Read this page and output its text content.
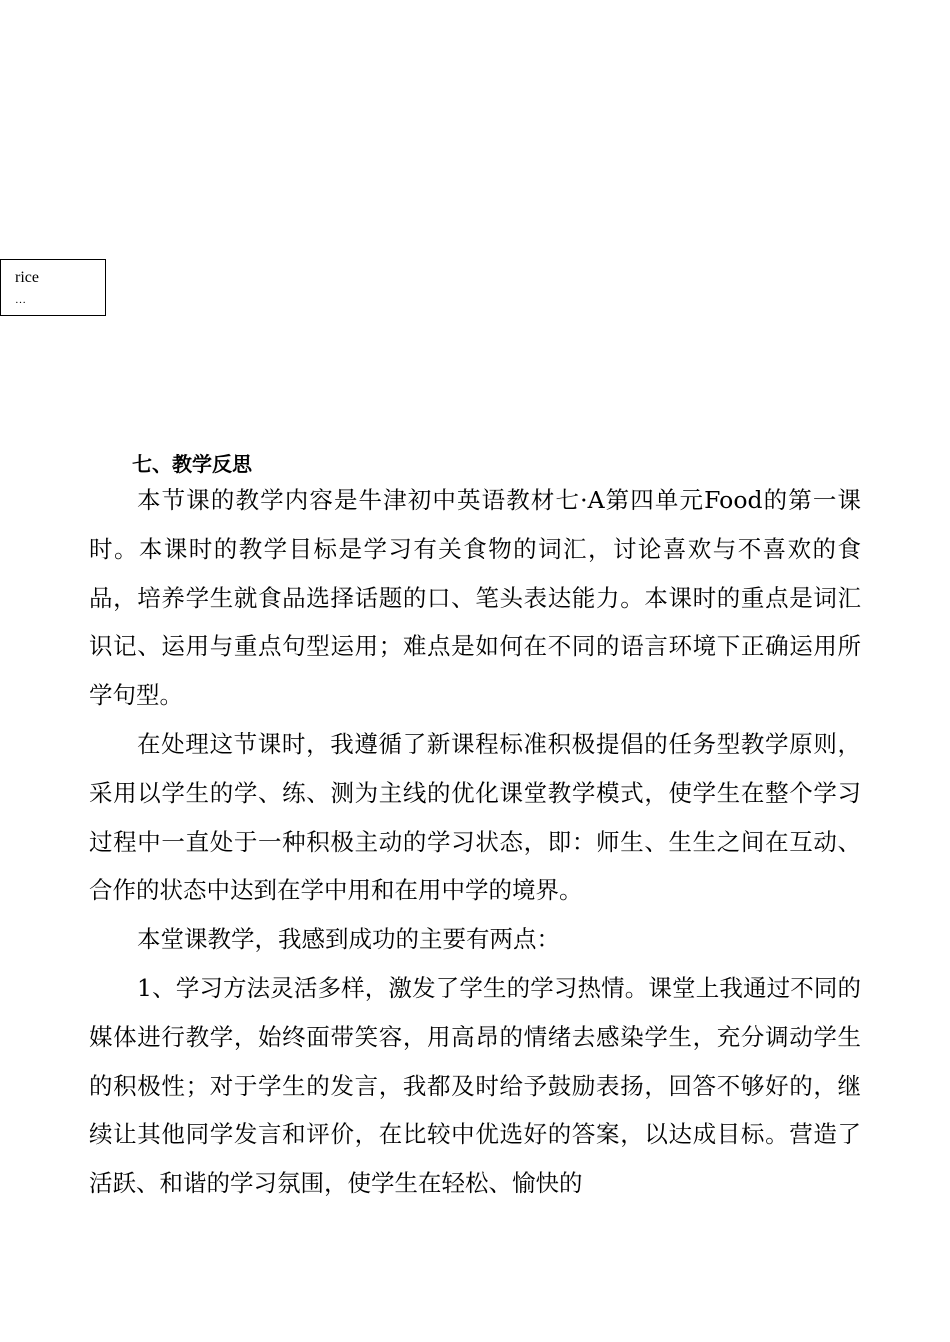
rice
…
七、教学反思

本节课的教学内容是牛津初中英语教材七·A第四单元Food的第一课时。本课时的教学目标是学习有关食物的词汇，讨论喜欢与不喜欢的食品，培养学生就食品选择话题的口、笔头表达能力。本课时的重点是词汇识记、运用与重点句型运用；难点是如何在不同的语言环境下正确运用所学句型。

在处理这节课时，我遵循了新课程标准积极提倡的任务型教学原则，采用以学生的学、练、测为主线的优化课堂教学模式，使学生在整个学习过程中一直处于一种积极主动的学习状态，即：师生、生生之间在互动、合作的状态中达到在学中用和在用中学的境界。

本堂课教学，我感到成功的主要有两点：

1、学习方法灵活多样，激发了学生的学习热情。课堂上我通过不同的媒体进行教学，始终面带笑容，用高昂的情绪去感染学生，充分调动学生的积极性；对于学生的发言，我都及时给予鼓励表扬，回答不够好的，继续让其他同学发言和评价，在比较中优选好的答案，以达成目标。营造了活跃、和谐的学习氛围，使学生在轻松、愉快的
